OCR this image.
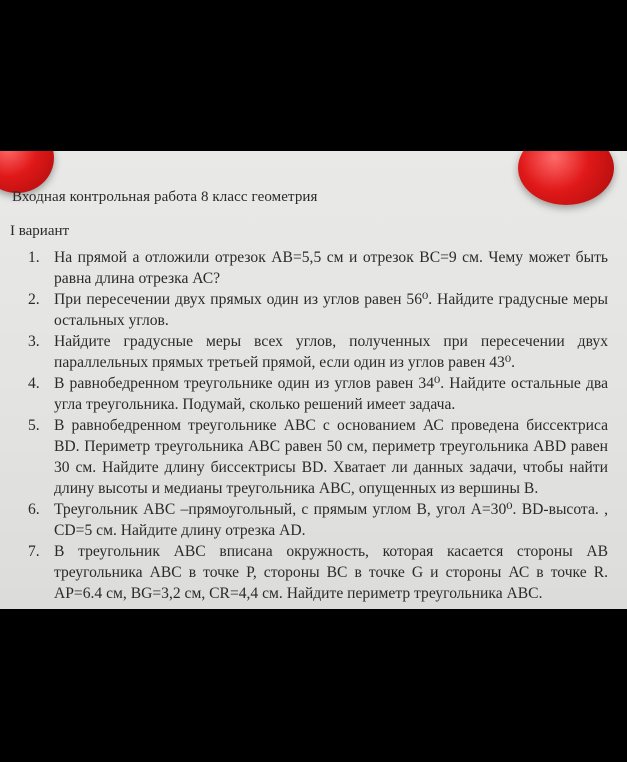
Входная контрольная работа 8 класс геометрия
I вариант
1. На прямой а отложили отрезок АВ=5,5 см и отрезок ВС=9 см. Чему может быть равна длина отрезка АС?
2. При пересечении двух прямых один из углов равен 56⁰. Найдите градусные меры остальных углов.
3. Найдите градусные меры всех углов, полученных при пересечении двух параллельных прямых третьей прямой, если один из углов равен 43⁰.
4. В равнобедренном треугольнике один из углов равен 34⁰. Найдите остальные два угла треугольника. Подумай, сколько решений имеет задача.
5. В равнобедренном треугольнике АВС с основанием АС проведена биссектриса ВD. Периметр треугольника АВС равен 50 см, периметр треугольника АВD равен 30 см. Найдите длину биссектрисы ВD. Хватает ли данных задачи, чтобы найти длину высоты и медианы треугольника АВС, опущенных из вершины В.
6. Треугольник АВС –прямоугольный, с прямым углом В, угол А=30⁰. ВD-высота. , СD=5 см. Найдите длину отрезка АD.
7. В треугольник АВС вписана окружность, которая касается стороны АВ треугольника АВС в точке Р, стороны ВС в точке G и стороны АС в точке R. АР=6.4 см, BG=3,2 см, CR=4,4 см. Найдите периметр треугольника АВС.
